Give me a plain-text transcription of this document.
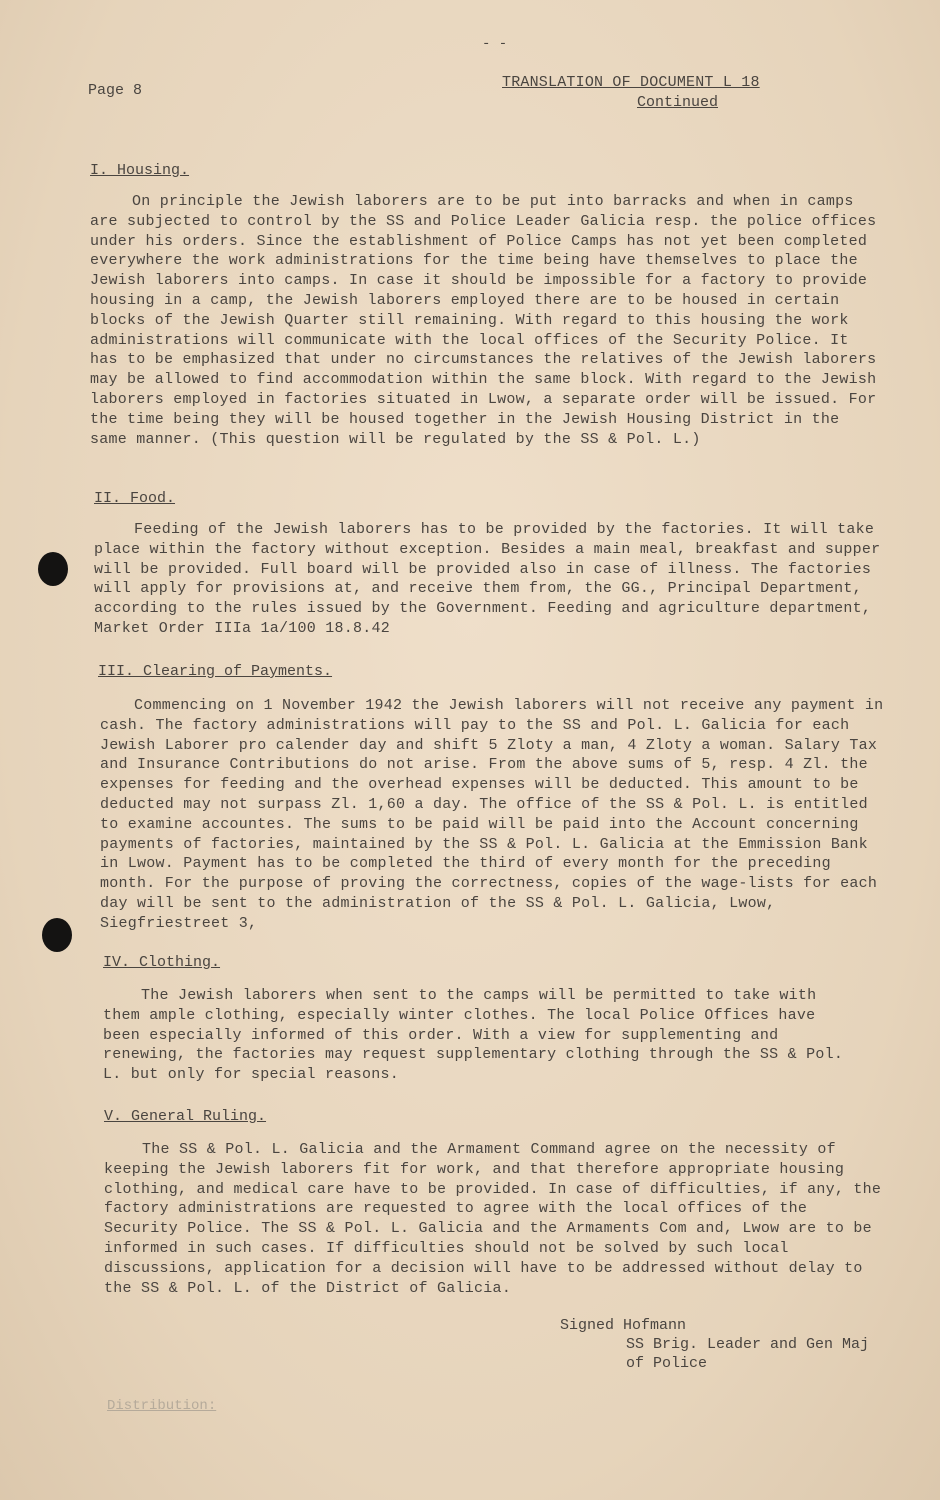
- -
Page 8	TRANSLATION OF DOCUMENT L 18
Continued
I. Housing.
On principle the Jewish laborers are to be put into barracks and when in camps are subjected to control by the SS and Police Leader Galicia resp. the police offices under his orders. Since the establishment of Police Camps has not yet been completed everywhere the work administrations for the time being have themselves to place the Jewish laborers into camps. In case it should be impossible for a factory to provide housing in a camp, the Jewish laborers employed there are to be housed in certain blocks of the Jewish Quarter still remaining. With regard to this housing the work administrations will communicate with the local offices of the Security Police. It has to be emphasized that under no circumstances the relatives of the Jewish laborers may be allowed to find accommodation within the same block. With regard to the Jewish laborers employed in factories situated in Lwow, a separate order will be issued. For the time being they will be housed together in the Jewish Housing District in the same manner. (This question will be regulated by the SS & Pol. L.)
II. Food.
Feeding of the Jewish laborers has to be provided by the factories. It will take place within the factory without exception. Besides a main meal, breakfast and supper will be provided. Full board will be provided also in case of illness. The factories will apply for provisions at, and receive them from, the GG., Principal Department, according to the rules issued by the Government. Feeding and agriculture department, Market Order IIIa 1a/100 18.8.42
III. Clearing of Payments.
Commencing on 1 November 1942 the Jewish laborers will not receive any payment in cash. The factory administrations will pay to the SS and Pol. L. Galicia for each Jewish Laborer pro calender day and shift 5 Zloty a man, 4 Zloty a woman. Salary Tax and Insurance Contributions do not arise. From the above sums of 5, resp. 4 Zl. the expenses for feeding and the overhead expenses will be deducted. This amount to be deducted may not surpass Zl. 1,60 a day. The office of the SS & Pol. L. is entitled to examine accountes. The sums to be paid will be paid into the Account concerning payments of factories, maintained by the SS & Pol. L. Galicia at the Emmission Bank in Lwow. Payment has to be completed the third of every month for the preceding month. For the purpose of proving the correctness, copies of the wage-lists for each day will be sent to the administration of the SS & Pol. L. Galicia, Lwow, Siegfriestreet 3,
IV. Clothing.
The Jewish laborers when sent to the camps will be permitted to take with them ample clothing, especially winter clothes. The local Police Offices have been especially informed of this order. With a view for supplementing and renewing, the factories may request supplementary clothing through the SS & Pol. L. but only for special reasons.
V. General Ruling.
The SS & Pol. L. Galicia and the Armament Command agree on the necessity of keeping the Jewish laborers fit for work, and that therefore appropriate housing clothing, and medical care have to be provided. In case of difficulties, if any, the factory administrations are requested to agree with the local offices of the Security Police. The SS & Pol. L. Galicia and the Armaments Com and, Lwow are to be informed in such cases. If difficulties should not be solved by such local discussions, application for a decision will have to be addressed without delay to the SS & Pol. L. of the District of Galicia.
Signed Hofmann
SS Brig. Leader and Gen Maj
of Police
Distribution:
